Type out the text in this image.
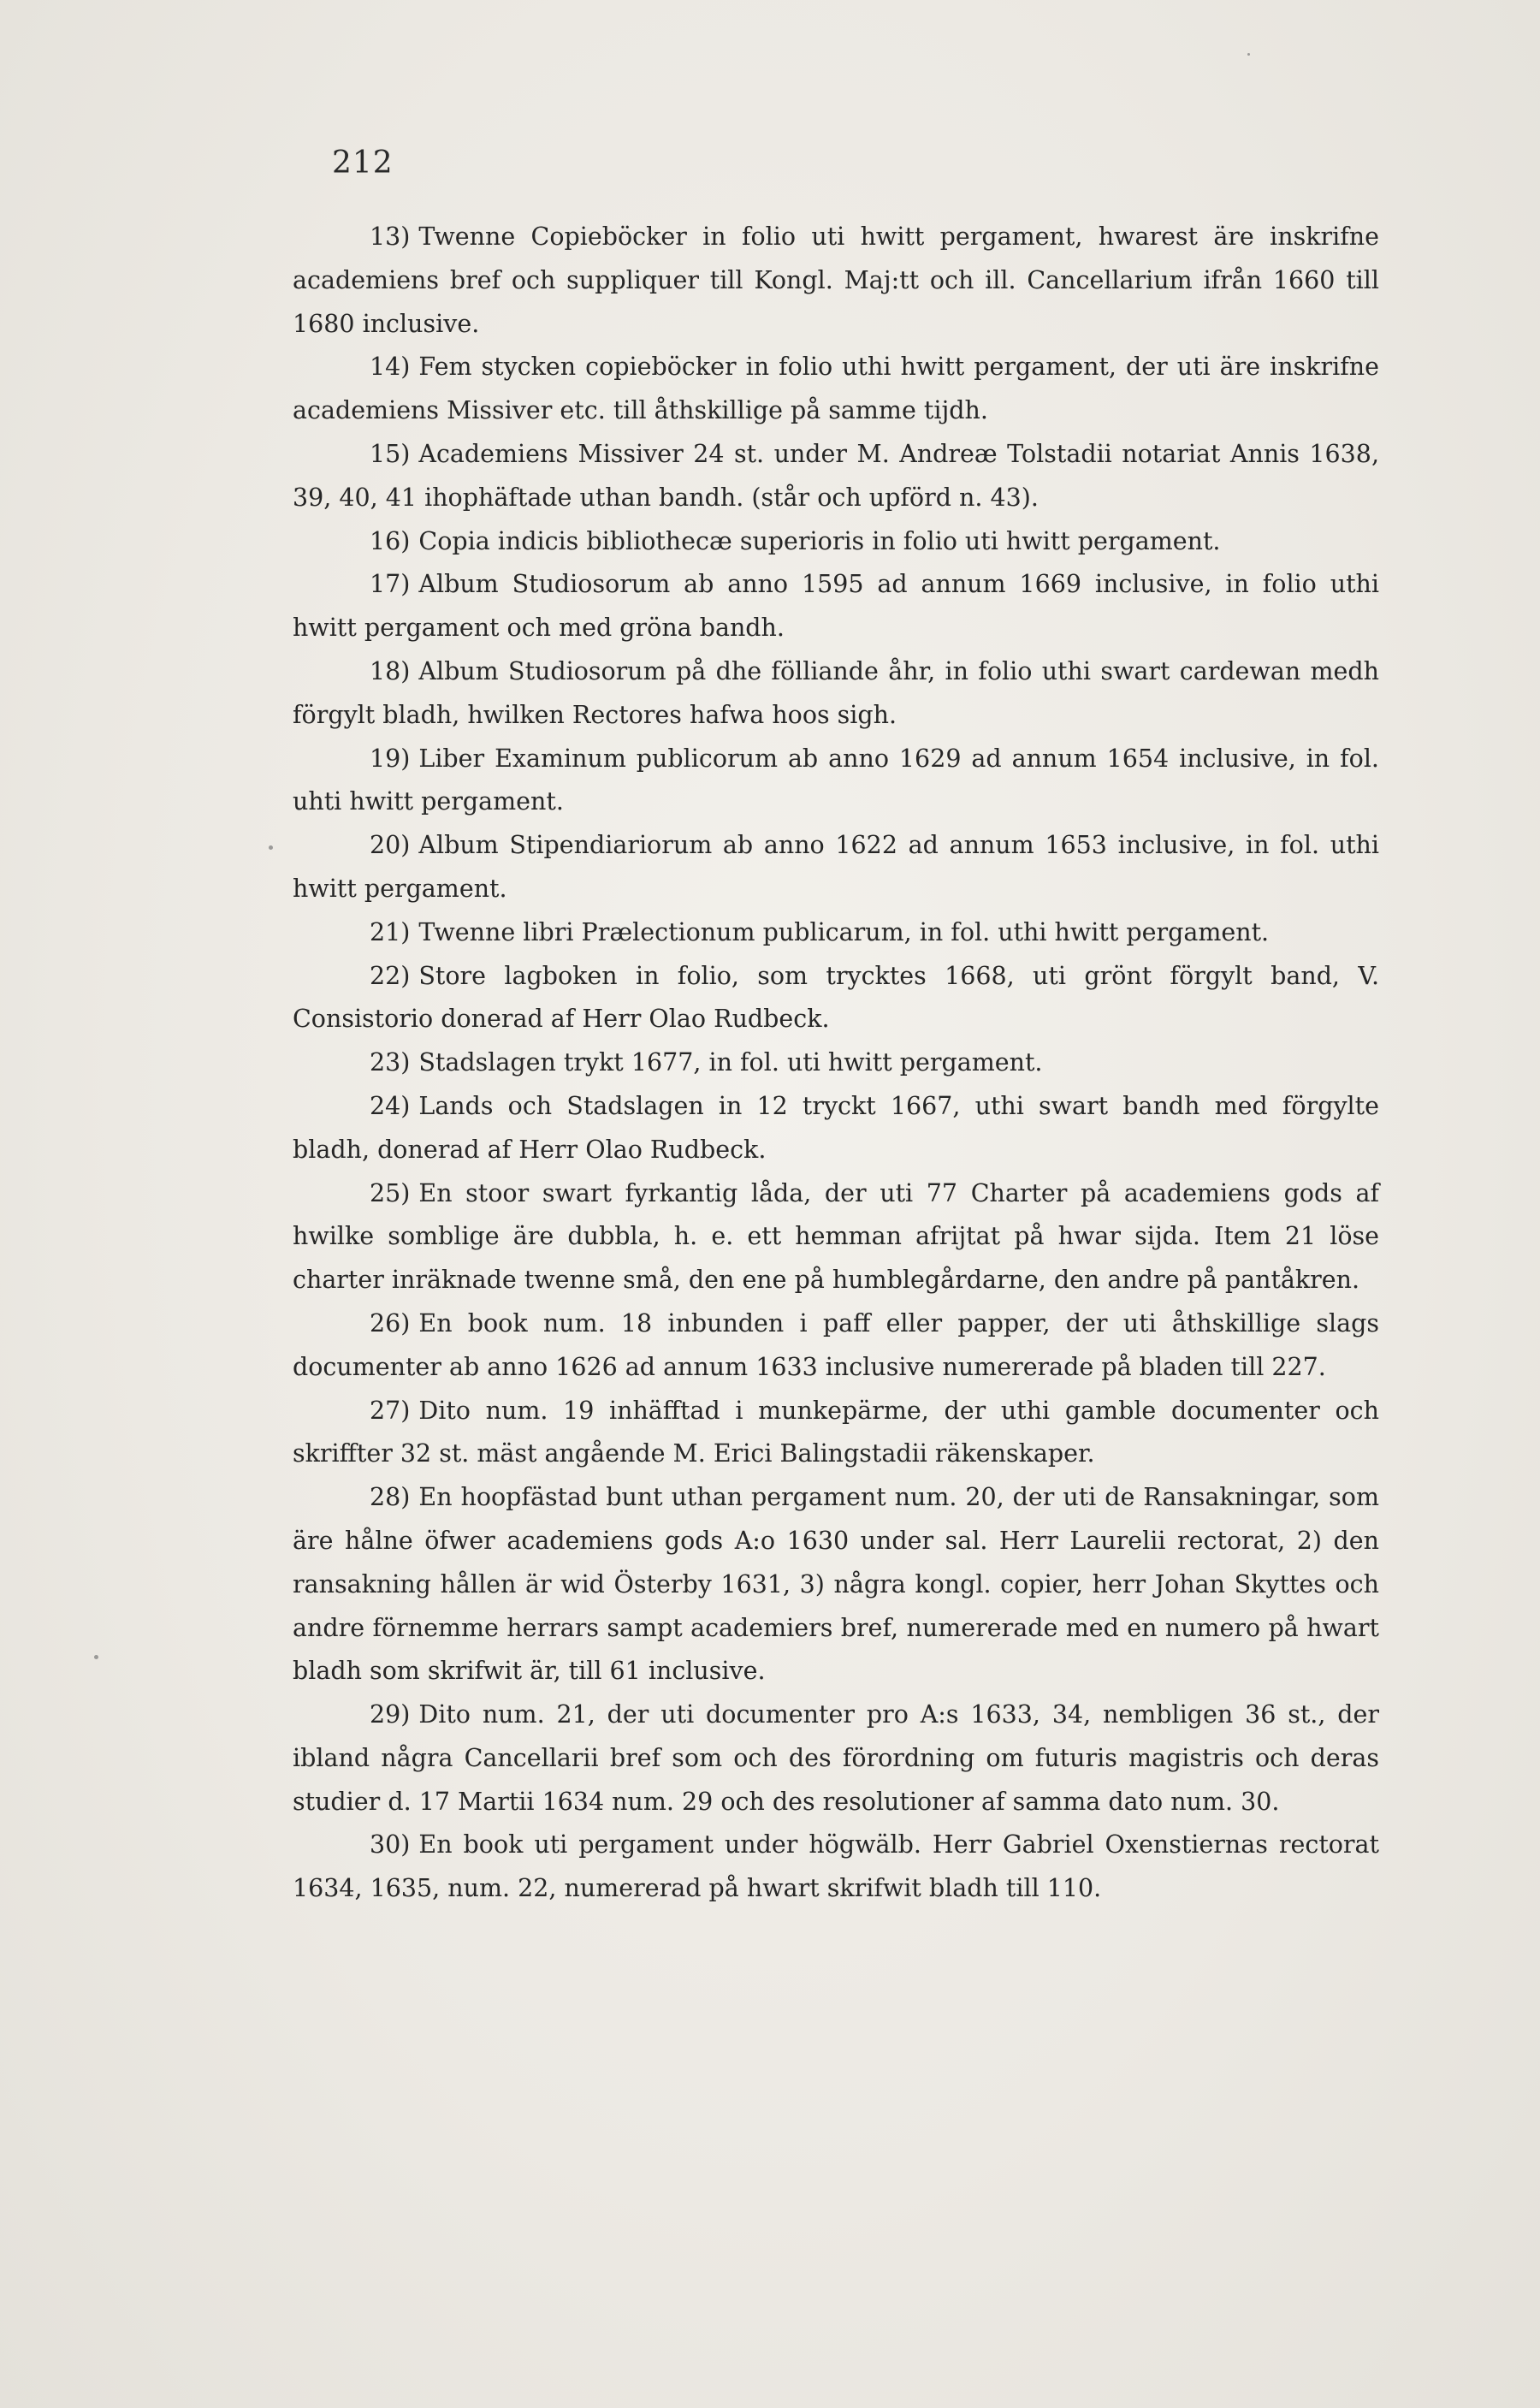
212

13) Twenne Copieböcker in folio uti hwitt pergament, hwarest äre inskrifne academiens bref och suppliquer till Kongl. Maj:tt och ill. Cancellarium ifrån 1660 till 1680 inclusive.

14) Fem stycken copieböcker in folio uthi hwitt pergament, der uti äre inskrifne academiens Missiver etc. till åthskillige på samme tijdh.

15) Academiens Missiver 24 st. under M. Andreæ Tolstadii notariat Annis 1638, 39, 40, 41 ihophäftade uthan bandh. (står och upförd n. 43).

16) Copia indicis bibliothecæ superioris in folio uti hwitt pergament.

17) Album Studiosorum ab anno 1595 ad annum 1669 inclusive, in folio uthi hwitt pergament och med gröna bandh.

18) Album Studiosorum på dhe fölliande åhr, in folio uthi swart cardewan medh förgylt bladh, hwilken Rectores hafwa hoos sigh.

19) Liber Examinum publicorum ab anno 1629 ad annum 1654 inclusive, in fol. uhti hwitt pergament.

20) Album Stipendiariorum ab anno 1622 ad annum 1653 inclusive, in fol. uthi hwitt pergament.

21) Twenne libri Prælectionum publicarum, in fol. uthi hwitt pergament.

22) Store lagboken in folio, som trycktes 1668, uti grönt förgylt band, V. Consistorio donerad af Herr Olao Rudbeck.

23) Stadslagen trykt 1677, in fol. uti hwitt pergament.

24) Lands och Stadslagen in 12 tryckt 1667, uthi swart bandh med förgylte bladh, donerad af Herr Olao Rudbeck.

25) En stoor swart fyrkantig låda, der uti 77 Charter på academiens gods af hwilke somblige äre dubbla, h. e. ett hemman afrijtat på hwar sijda. Item 21 löse charter inräknade twenne små, den ene på humblegårdarne, den andre på pantåkren.

26) En book num. 18 inbunden i paff eller papper, der uti åthskillige slags documenter ab anno 1626 ad annum 1633 inclusive numererade på bladen till 227.

27) Dito num. 19 inhäfftad i munkepärme, der uthi gamble documenter och skriffter 32 st. mäst angående M. Erici Balingstadii räkenskaper.

28) En hoopfästad bunt uthan pergament num. 20, der uti de Ransakningar, som äre hålne öfwer academiens gods A:o 1630 under sal. Herr Laurelii rectorat, 2) den ransakning hållen är wid Österby 1631, 3) några kongl. copier, herr Johan Skyttes och andre förnemme herrars sampt academiers bref, numererade med en numero på hwart bladh som skrifwit är, till 61 inclusive.

29) Dito num. 21, der uti documenter pro A:s 1633, 34, nembligen 36 st., der ibland några Cancellarii bref som och des förordning om futuris magistris och deras studier d. 17 Martii 1634 num. 29 och des resolutioner af samma dato num. 30.

30) En book uti pergament under högwälb. Herr Gabriel Oxenstiernas rectorat 1634, 1635, num. 22, numererad på hwart skrifwit bladh till 110.
